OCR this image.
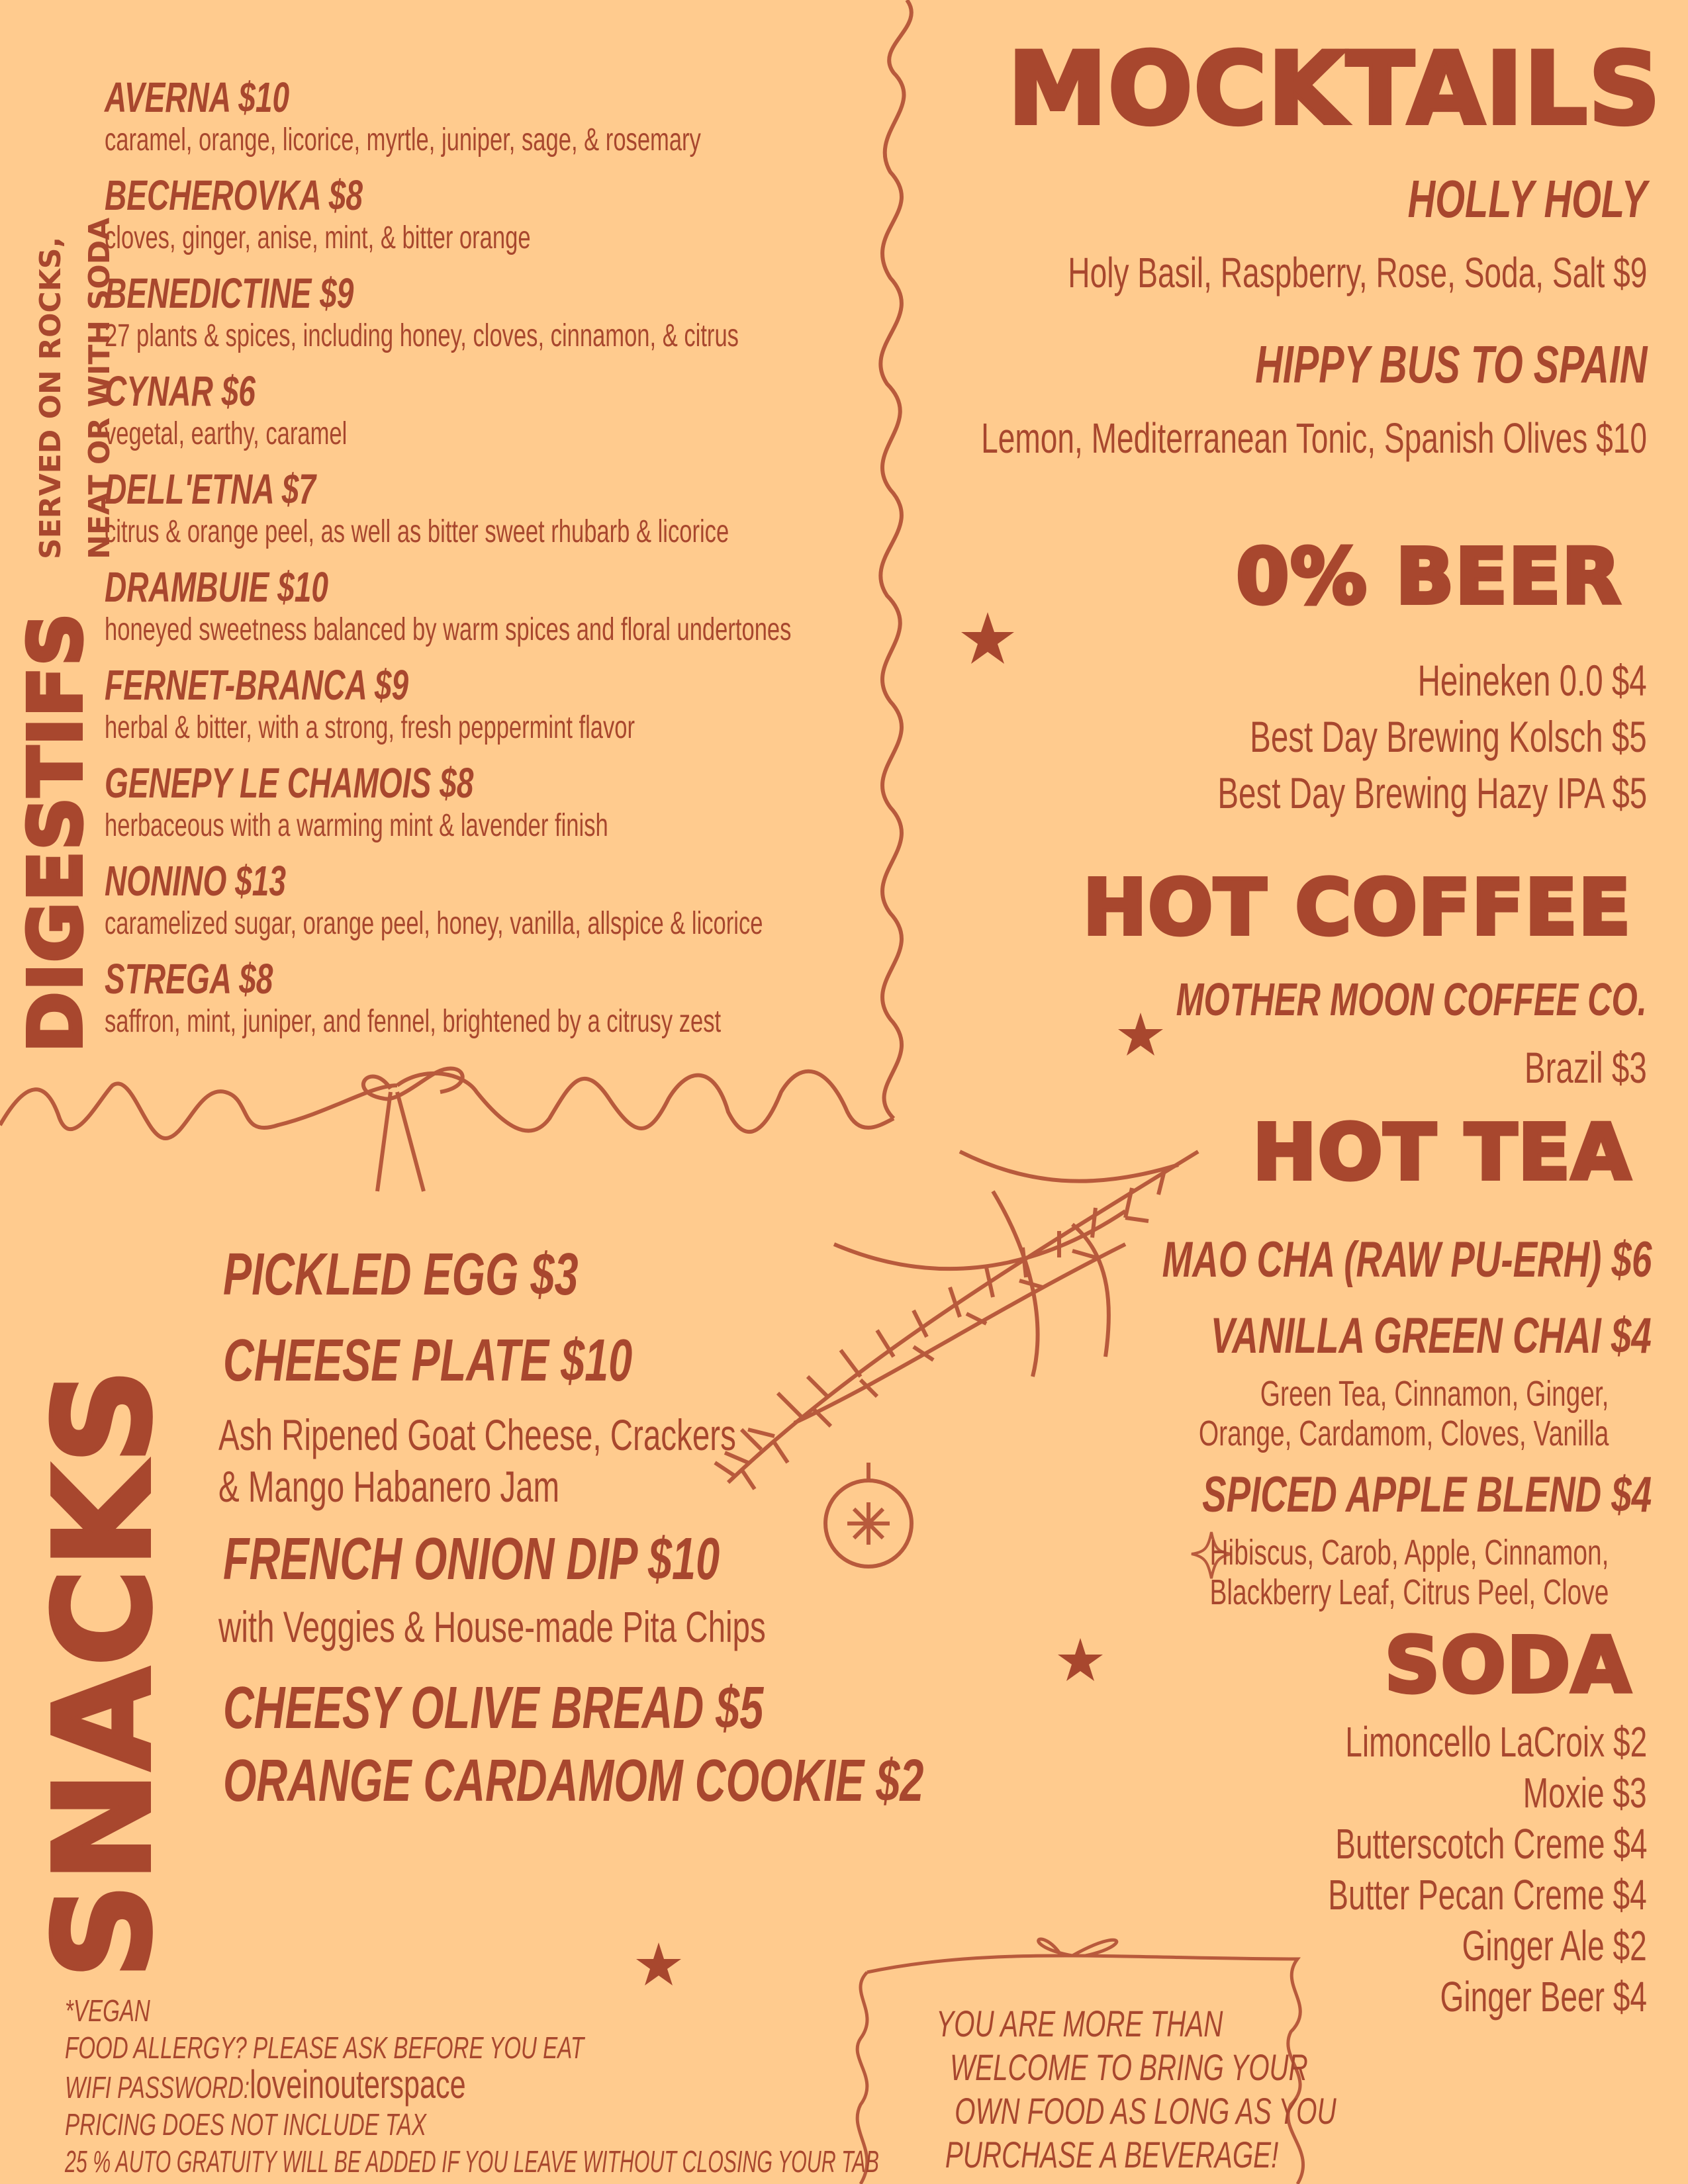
DIGESTIFS
SERVED ON ROCKS, NEAT OR WITH SODA
AVERNA $10
caramel, orange, licorice, myrtle, juniper, sage, & rosemary
BECHEROVKA $8
cloves, ginger, anise, mint, & bitter orange
BENEDICTINE $9
27 plants & spices, including honey, cloves, cinnamon, & citrus
CYNAR $6
vegetal, earthy, caramel
DELL'ETNA $7
citrus & orange peel, as well as bitter sweet rhubarb & licorice
DRAMBUIE $10
honeyed sweetness balanced by warm spices and floral undertones
FERNET-BRANCA $9
herbal & bitter, with a strong, fresh peppermint flavor
GENEPY LE CHAMOIS $8
herbaceous with a warming mint & lavender finish
NONINO $13
caramelized sugar, orange peel, honey, vanilla, allspice & licorice
STREGA $8
saffron, mint, juniper, and fennel, brightened by a citrusy zest
MOCKTAILS
HOLLY HOLY
Holy Basil, Raspberry, Rose, Soda, Salt $9
HIPPY BUS TO SPAIN
Lemon, Mediterranean Tonic, Spanish Olives $10
0% BEER
Heineken 0.0 $4
Best Day Brewing Kolsch $5
Best Day Brewing Hazy IPA $5
HOT COFFEE
MOTHER MOON COFFEE CO.
Brazil $3
HOT TEA
MAO CHA (RAW PU-ERH) $6
VANILLA GREEN CHAI $4
Green Tea, Cinnamon, Ginger,
Orange, Cardamom, Cloves, Vanilla
SPICED APPLE BLEND $4
Hibiscus, Carob, Apple, Cinnamon,
Blackberry Leaf, Citrus Peel, Clove
SODA
Limoncello LaCroix $2
Moxie $3
Butterscotch Creme $4
Butter Pecan Creme $4
Ginger Ale $2
Ginger Beer $4
SNACKS
PICKLED EGG $3
CHEESE PLATE $10
Ash Ripened Goat Cheese, Crackers
& Mango Habanero Jam
FRENCH ONION DIP $10
with Veggies & House-made Pita Chips
CHEESY OLIVE BREAD $5
ORANGE CARDAMOM COOKIE $2
*VEGAN
FOOD ALLERGY? PLEASE ASK BEFORE YOU EAT
WIFI PASSWORD:loveinouterspace
PRICING DOES NOT INCLUDE TAX
25 % AUTO GRATUITY WILL BE ADDED IF YOU LEAVE WITHOUT CLOSING YOUR TAB
YOU ARE MORE THAN
WELCOME TO BRING YOUR
OWN FOOD AS LONG AS YOU
PURCHASE A BEVERAGE!
